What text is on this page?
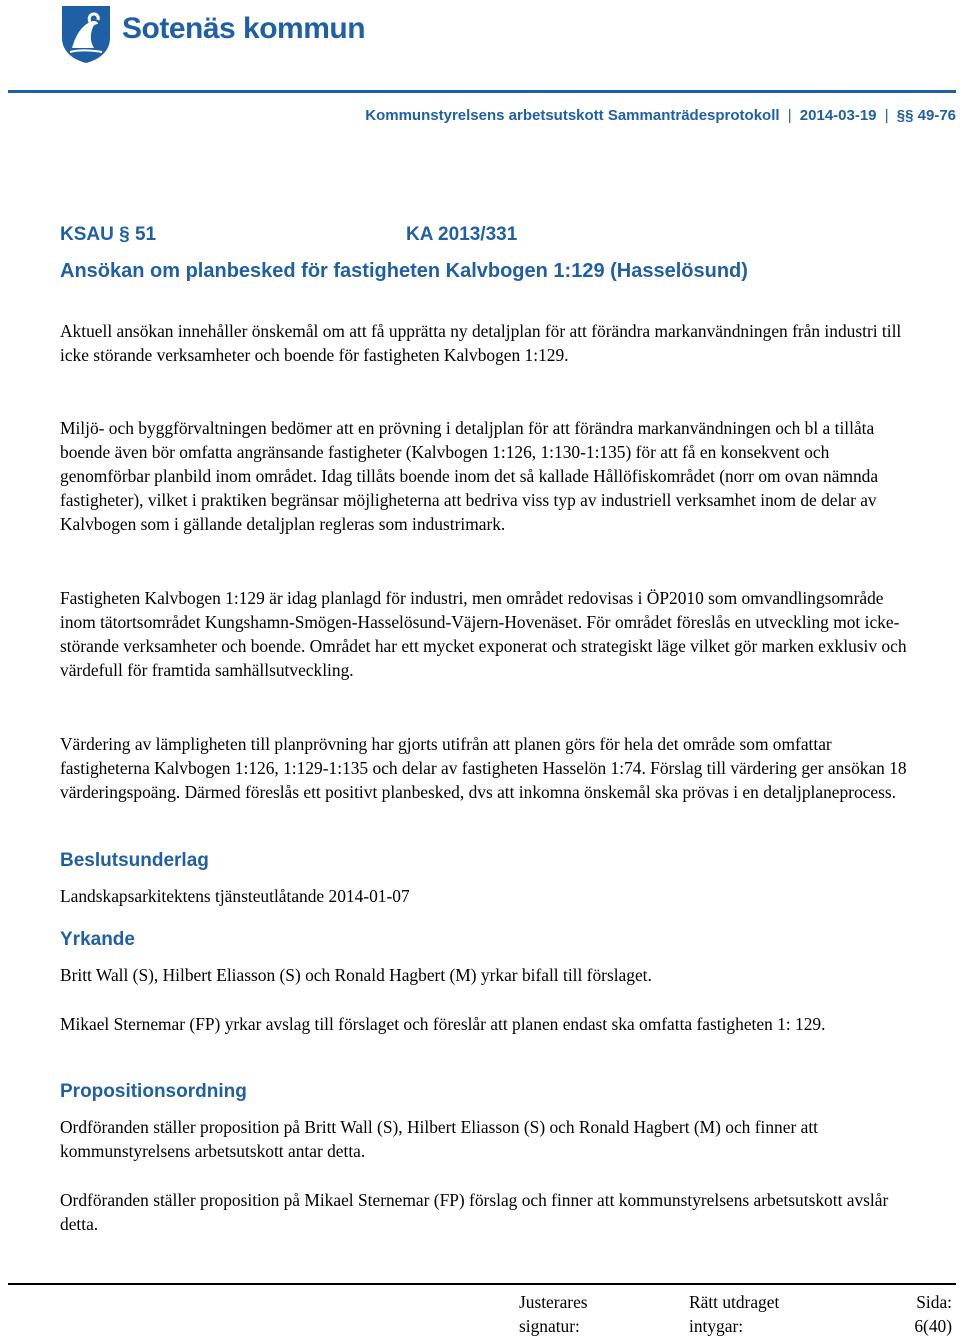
Sotenäs kommun
Kommunstyrelsens arbetsutskott Sammanträdesprotokoll | 2014-03-19 | §§ 49-76
KSAU § 51	KA 2013/331
Ansökan om planbesked för fastigheten Kalvbogen 1:129 (Hasselösund)
Aktuell ansökan innehåller önskemål om att få upprätta ny detaljplan för att förändra markanvändningen från industri till icke störande verksamheter och boende för fastigheten Kalvbogen 1:129.
Miljö- och byggförvaltningen bedömer att en prövning i detaljplan för att förändra markanvändningen och bl a tillåta boende även bör omfatta angränsande fastigheter (Kalvbogen 1:126, 1:130-1:135) för att få en konsekvent och genomförbar planbild inom området. Idag tillåts boende inom det så kallade Hållöfiskområdet (norr om ovan nämnda fastigheter), vilket i praktiken begränsar möjligheterna att bedriva viss typ av industriell verksamhet inom de delar av Kalvbogen som i gällande detaljplan regleras som industrimark.
Fastigheten Kalvbogen 1:129 är idag planlagd för industri, men området redovisas i ÖP2010 som omvandlingsområde inom tätortsområdet Kungshamn-Smögen-Hasselösund-Väjern-Hovenäset. För området föreslås en utveckling mot icke-störande verksamheter och boende. Området har ett mycket exponerat och strategiskt läge vilket gör marken exklusiv och värdefull för framtida samhällsutveckling.
Värdering av lämpligheten till planprövning har gjorts utifrån att planen görs för hela det område som omfattar fastigheterna Kalvbogen 1:126, 1:129-1:135 och delar av fastigheten Hasselön 1:74. Förslag till värdering ger ansökan 18 värderingspoäng. Därmed föreslås ett positivt planbesked, dvs att inkomna önskemål ska prövas i en detaljplaneprocess.
Beslutsunderlag
Landskapsarkitektens tjänsteutlåtande 2014-01-07
Yrkande
Britt Wall (S), Hilbert Eliasson (S) och Ronald Hagbert (M) yrkar bifall till förslaget.
Mikael Sternemar (FP) yrkar avslag till förslaget och föreslår att planen endast ska omfatta fastigheten 1: 129.
Propositionsordning
Ordföranden ställer proposition på Britt Wall (S), Hilbert Eliasson (S) och Ronald Hagbert (M) och finner att kommunstyrelsens arbetsutskott antar detta.
Ordföranden ställer proposition på Mikael Sternemar (FP) förslag och finner att kommunstyrelsens arbetsutskott avslår detta.
Justerares
signatur:
Rätt utdraget
intygar:
Sida:
6(40)
